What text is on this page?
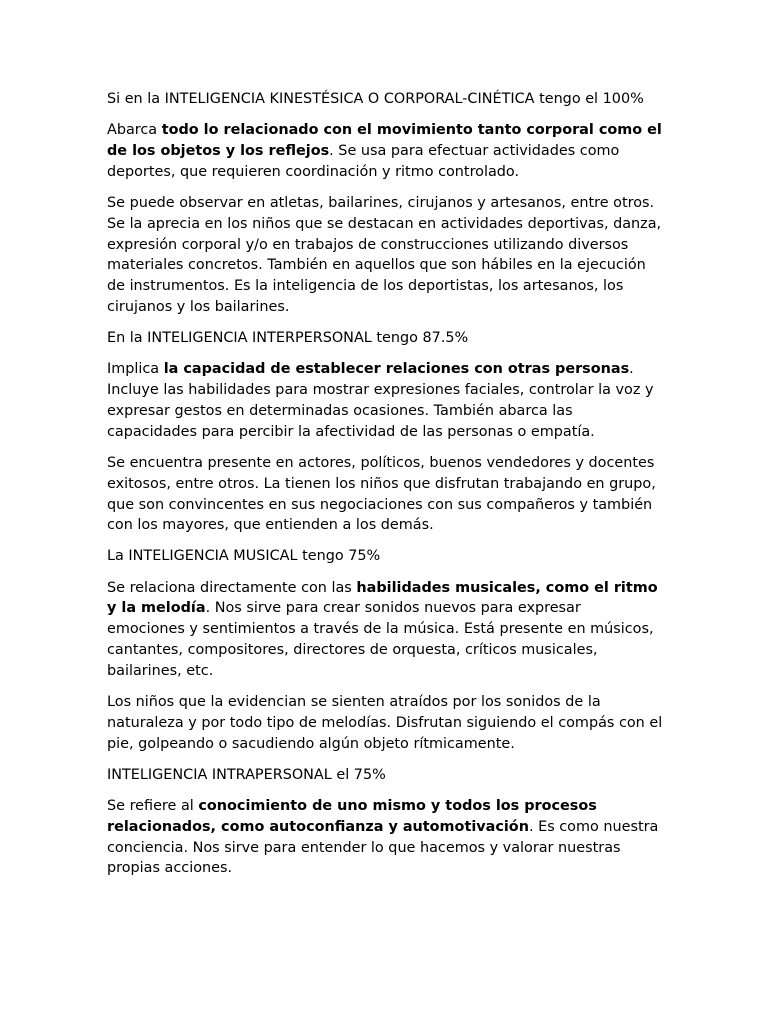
Si en la INTELIGENCIA KINESTÉSICA O CORPORAL-CINÉTICA tengo el 100%

Abarca todo lo relacionado con el movimiento tanto corporal como el de los objetos y los reflejos. Se usa para efectuar actividades como deportes, que requieren coordinación y ritmo controlado.

Se puede observar en atletas, bailarines, cirujanos y artesanos, entre otros. Se la aprecia en los niños que se destacan en actividades deportivas, danza, expresión corporal y/o en trabajos de construcciones utilizando diversos materiales concretos. También en aquellos que son hábiles en la ejecución de instrumentos. Es la inteligencia de los deportistas, los artesanos, los cirujanos y los bailarines.

En la INTELIGENCIA INTERPERSONAL tengo 87.5%

Implica la capacidad de establecer relaciones con otras personas. Incluye las habilidades para mostrar expresiones faciales, controlar la voz y expresar gestos en determinadas ocasiones. También abarca las capacidades para percibir la afectividad de las personas o empatía.

Se encuentra presente en actores, políticos, buenos vendedores y docentes exitosos, entre otros. La tienen los niños que disfrutan trabajando en grupo, que son convincentes en sus negociaciones con sus compañeros y también con los mayores, que entienden a los demás.

La INTELIGENCIA MUSICAL tengo 75%

Se relaciona directamente con las habilidades musicales, como el ritmo y la melodía. Nos sirve para crear sonidos nuevos para expresar emociones y sentimientos a través de la música. Está presente en músicos, cantantes, compositores, directores de orquesta, críticos musicales, bailarines, etc.

Los niños que la evidencian se sienten atraídos por los sonidos de la naturaleza y por todo tipo de melodías. Disfrutan siguiendo el compás con el pie, golpeando o sacudiendo algún objeto rítmicamente.

INTELIGENCIA INTRAPERSONAL el 75%

Se refiere al conocimiento de uno mismo y todos los procesos relacionados, como autoconfianza y automotivación. Es como nuestra conciencia. Nos sirve para entender lo que hacemos y valorar nuestras propias acciones.
